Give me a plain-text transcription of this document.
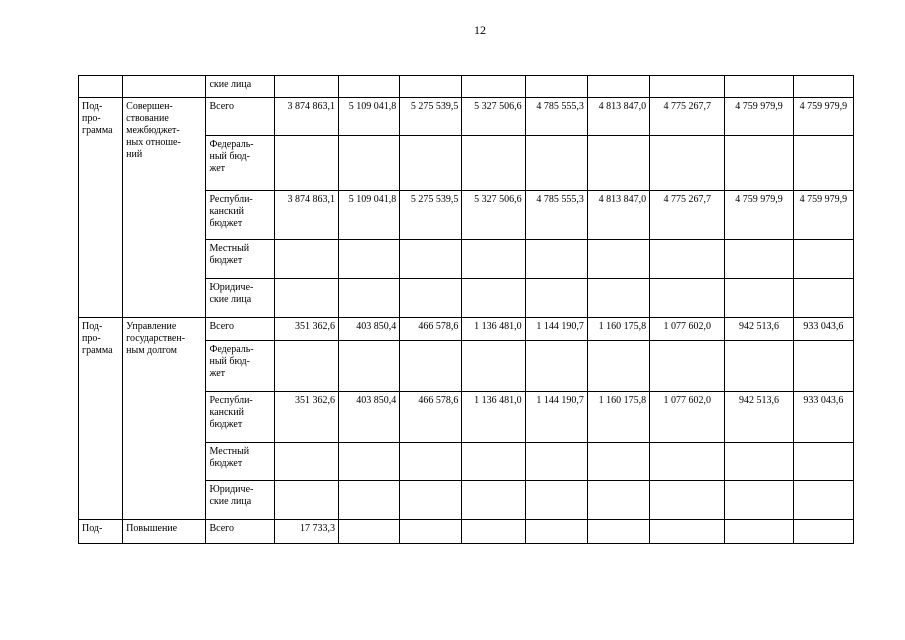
12
		ские лица									
Под-
про-
грамма	Совершен-
ствование
межбюджет-
ных отноше-
ний	Всего	3 874 863,1	5 109 041,8	5 275 539,5	5 327 506,6	4 785 555,3	4 813 847,0	4 775 267,7	4 759 979,9	4 759 979,9
		Федераль-
ный бюд-
жет									
		Республи-
канский
бюджет	3 874 863,1	5 109 041,8	5 275 539,5	5 327 506,6	4 785 555,3	4 813 847,0	4 775 267,7	4 759 979,9	4 759 979,9
		Местный
бюджет									
		Юридиче-
ские лица									
Под-
про-
грамма	Управление
государствен-
ным долгом	Всего	351 362,6	403 850,4	466 578,6	1 136 481,0	1 144 190,7	1 160 175,8	1 077 602,0	942 513,6	933 043,6
		Федераль-
ный бюд-
жет									
		Республи-
канский
бюджет	351 362,6	403 850,4	466 578,6	1 136 481,0	1 144 190,7	1 160 175,8	1 077 602,0	942 513,6	933 043,6
		Местный
бюджет									
		Юридиче-
ские лица									
Под-	Повышение	Всего	17 733,3								
